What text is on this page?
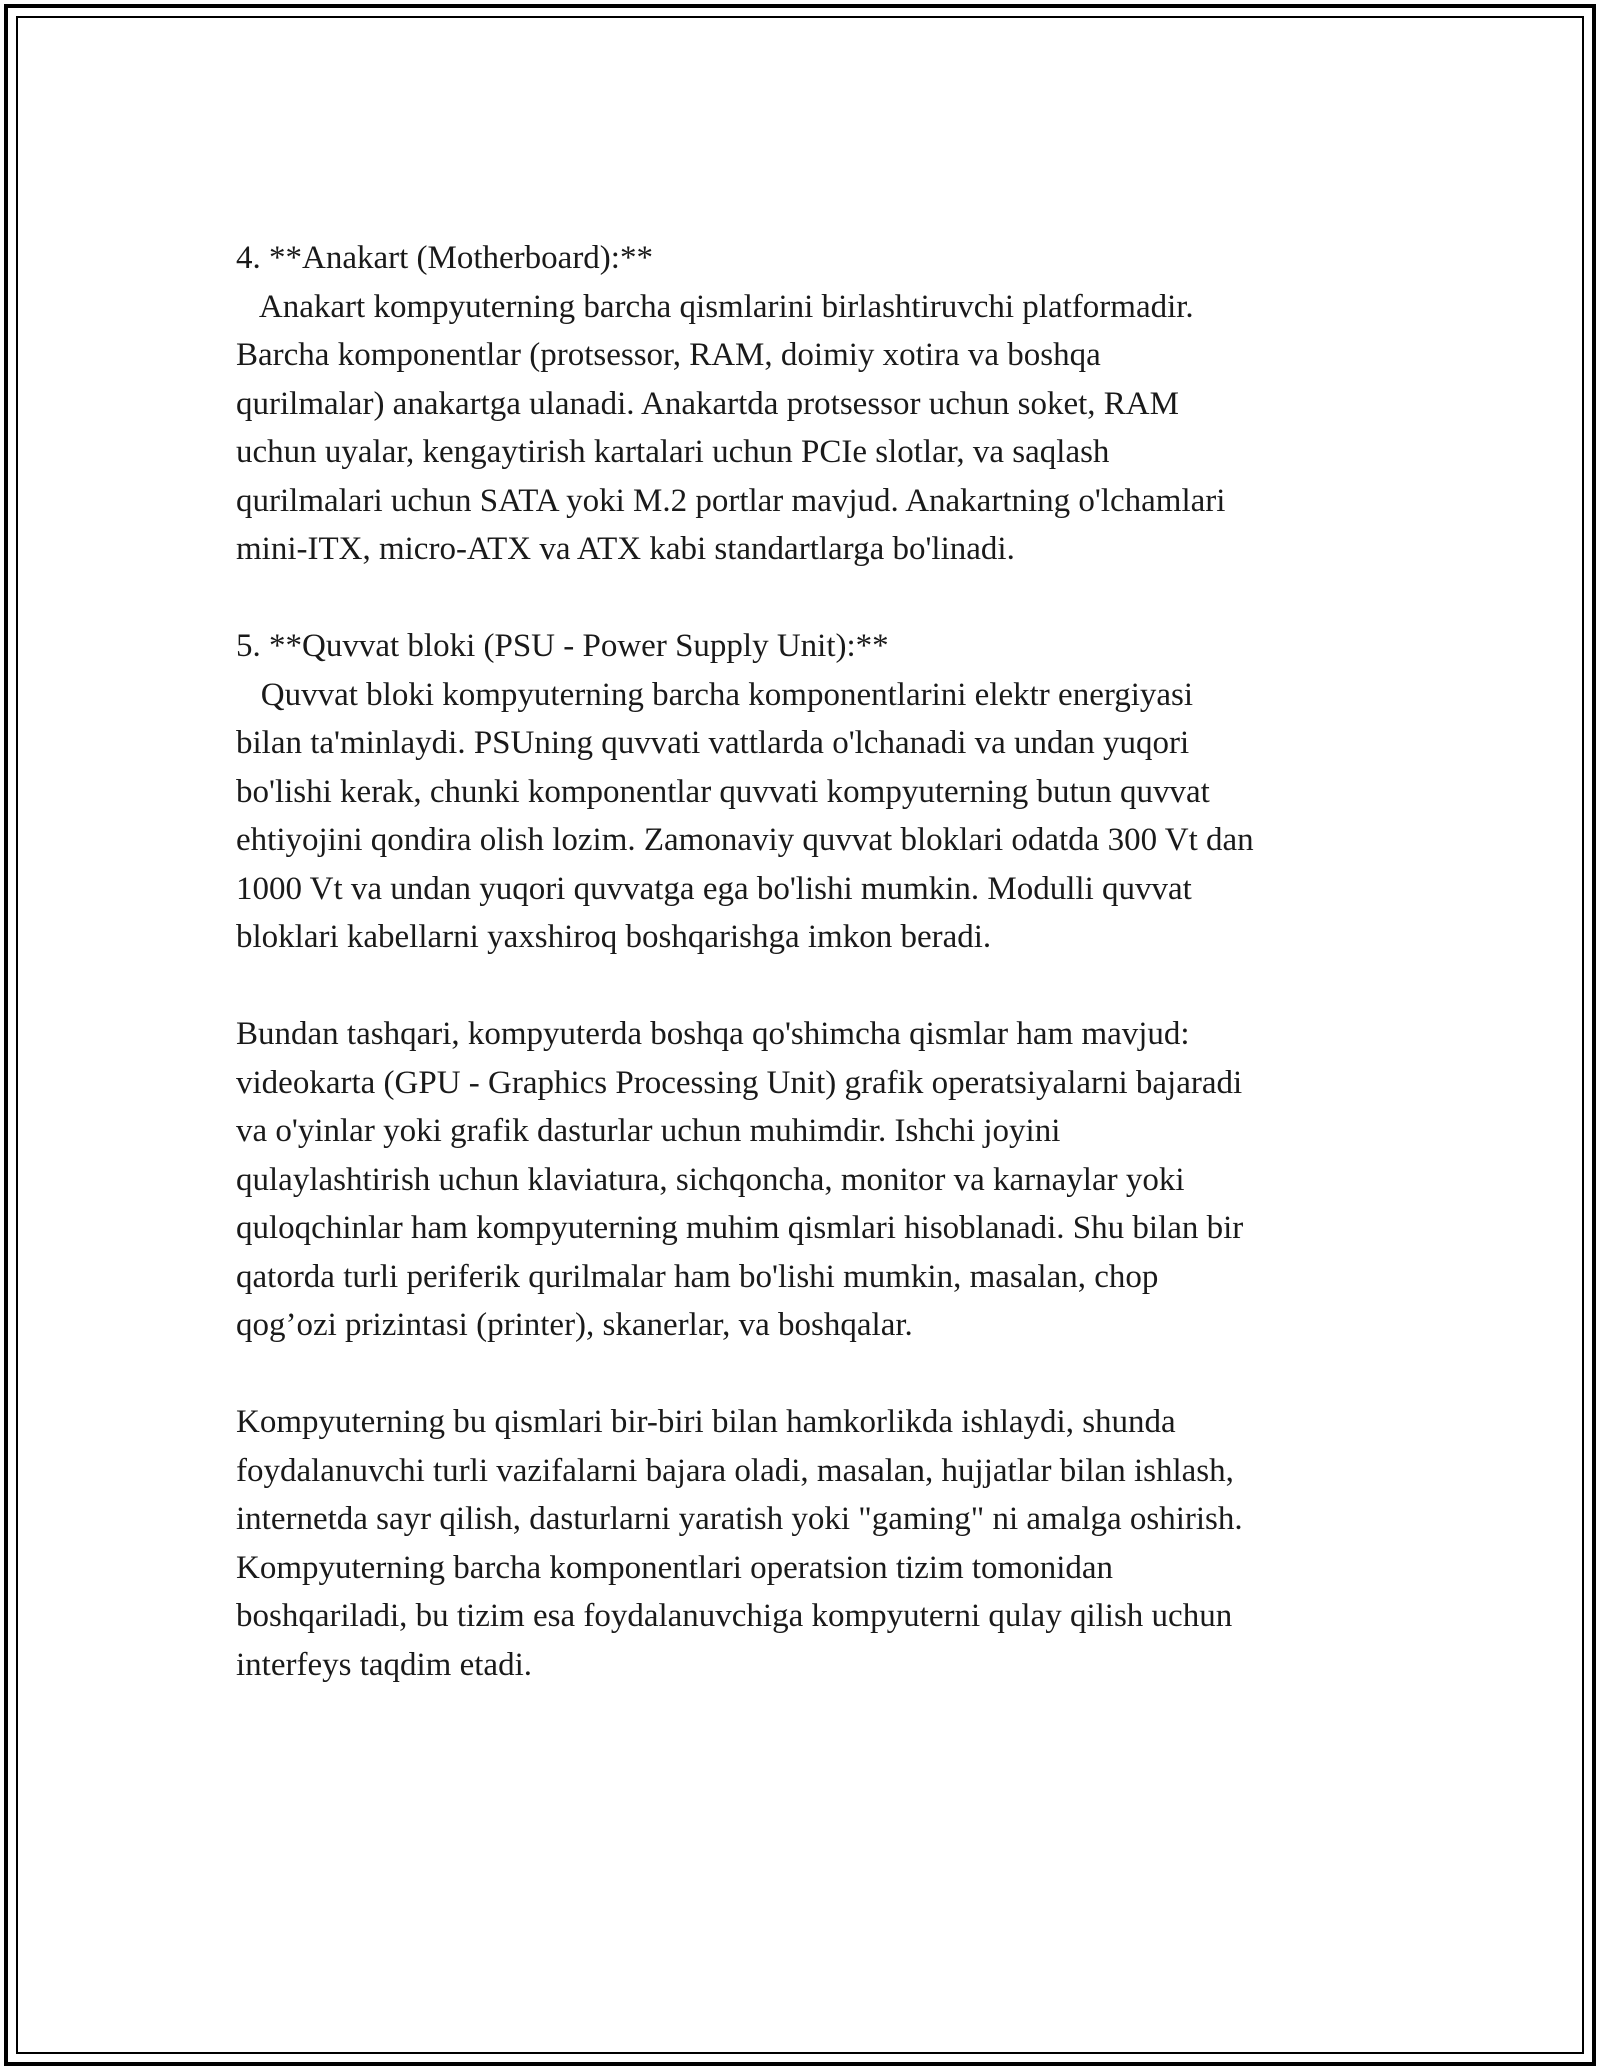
4. **Anakart (Motherboard):**
Anakart kompyuterning barcha qismlarini birlashtiruvchi platformadir.
Barcha komponentlar (protsessor, RAM, doimiy xotira va boshqa
qurilmalar) anakartga ulanadi. Anakartda protsessor uchun soket, RAM
uchun uyalar, kengaytirish kartalari uchun PCIe slotlar, va saqlash
qurilmalari uchun SATA yoki M.2 portlar mavjud. Anakartning o'lchamlari
mini-ITX, micro-ATX va ATX kabi standartlarga bo'linadi.
5. **Quvvat bloki (PSU - Power Supply Unit):**
Quvvat bloki kompyuterning barcha komponentlarini elektr energiyasi
bilan ta'minlaydi. PSUning quvvati vattlarda o'lchanadi va undan yuqori
bo'lishi kerak, chunki komponentlar quvvati kompyuterning butun quvvat
ehtiyojini qondira olish lozim. Zamonaviy quvvat bloklari odatda 300 Vt dan
1000 Vt va undan yuqori quvvatga ega bo'lishi mumkin. Modulli quvvat
bloklari kabellarni yaxshiroq boshqarishga imkon beradi.
Bundan tashqari, kompyuterda boshqa qo'shimcha qismlar ham mavjud:
videokarta (GPU - Graphics Processing Unit) grafik operatsiyalarni bajaradi
va o'yinlar yoki grafik dasturlar uchun muhimdir. Ishchi joyini
qulaylashtirish uchun klaviatura, sichqoncha, monitor va karnaylar yoki
quloqchinlar ham kompyuterning muhim qismlari hisoblanadi. Shu bilan bir
qatorda turli periferik qurilmalar ham bo'lishi mumkin, masalan, chop
qog’ozi prizintasi (printer), skanerlar, va boshqalar.
Kompyuterning bu qismlari bir-biri bilan hamkorlikda ishlaydi, shunda
foydalanuvchi turli vazifalarni bajara oladi, masalan, hujjatlar bilan ishlash,
internetda sayr qilish, dasturlarni yaratish yoki "gaming" ni amalga oshirish.
Kompyuterning barcha komponentlari operatsion tizim tomonidan
boshqariladi, bu tizim esa foydalanuvchiga kompyuterni qulay qilish uchun
interfeys taqdim etadi.
